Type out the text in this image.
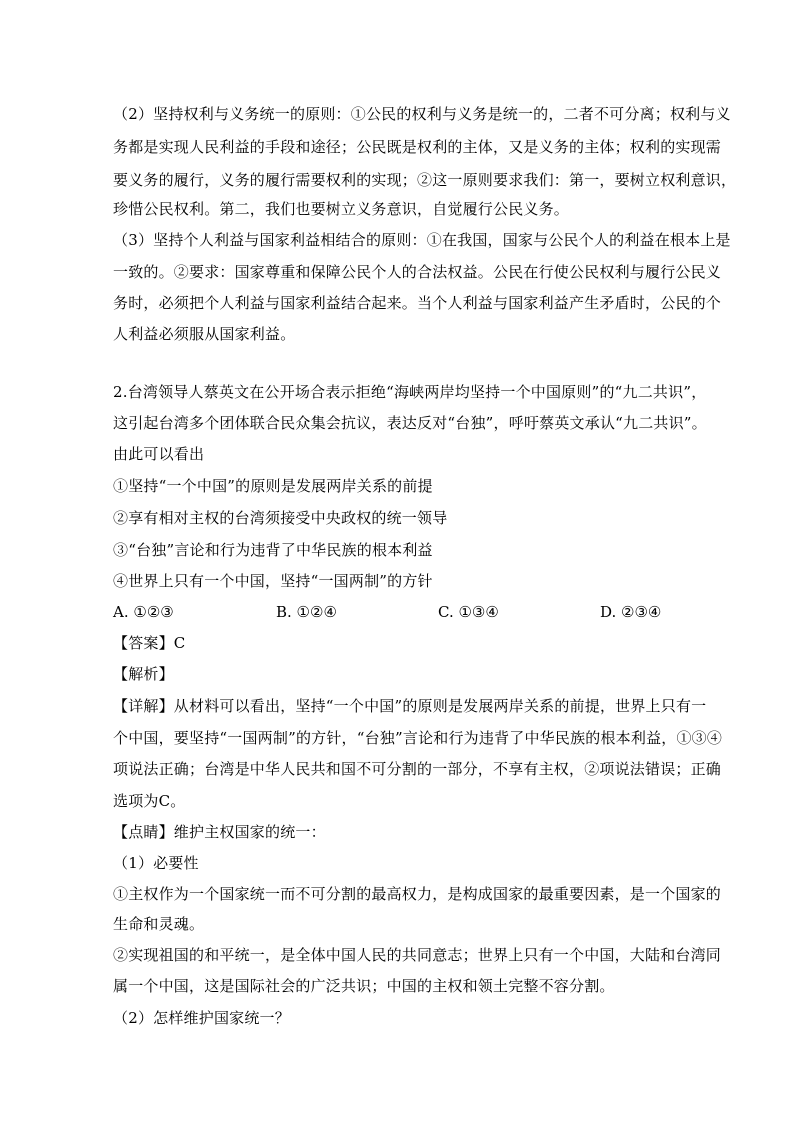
（2）坚持权利与义务统一的原则：①公民的权利与义务是统一的，二者不可分离；权利与义
务都是实现人民利益的手段和途径；公民既是权利的主体，又是义务的主体；权利的实现需
要义务的履行，义务的履行需要权利的实现；②这一原则要求我们：第一，要树立权利意识，
珍惜公民权利。第二，我们也要树立义务意识，自觉履行公民义务。
（3）坚持个人利益与国家利益相结合的原则：①在我国，国家与公民个人的利益在根本上是
一致的。②要求：国家尊重和保障公民个人的合法权益。公民在行使公民权利与履行公民义
务时，必须把个人利益与国家利益结合起来。当个人利益与国家利益产生矛盾时，公民的个
人利益必须服从国家利益。
2.台湾领导人蔡英文在公开场合表示拒绝“海峡两岸均坚持一个中国原则”的“九二共识”，
这引起台湾多个团体联合民众集会抗议，表达反对“台独”，呼吁蔡英文承认“九二共识”。
由此可以看出
①坚持“一个中国”的原则是发展两岸关系的前提
②享有相对主权的台湾须接受中央政权的统一领导
③“台独”言论和行为违背了中华民族的根本利益
④世界上只有一个中国，坚持“一国两制”的方针
A. ①②③	B. ①②④	C. ①③④	D. ②③④
【答案】C
【解析】
【详解】从材料可以看出，坚持“一个中国”的原则是发展两岸关系的前提，世界上只有一
个中国，要坚持“一国两制”的方针，“台独”言论和行为违背了中华民族的根本利益，①③④
项说法正确；台湾是中华人民共和国不可分割的一部分，不享有主权，②项说法错误；正确
选项为C。
【点睛】维护主权国家的统一：
（1）必要性
①主权作为一个国家统一而不可分割的最高权力，是构成国家的最重要因素，是一个国家的
生命和灵魂。
②实现祖国的和平统一，是全体中国人民的共同意志；世界上只有一个中国，大陆和台湾同
属一个中国，这是国际社会的广泛共识；中国的主权和领土完整不容分割。
（2）怎样维护国家统一？
